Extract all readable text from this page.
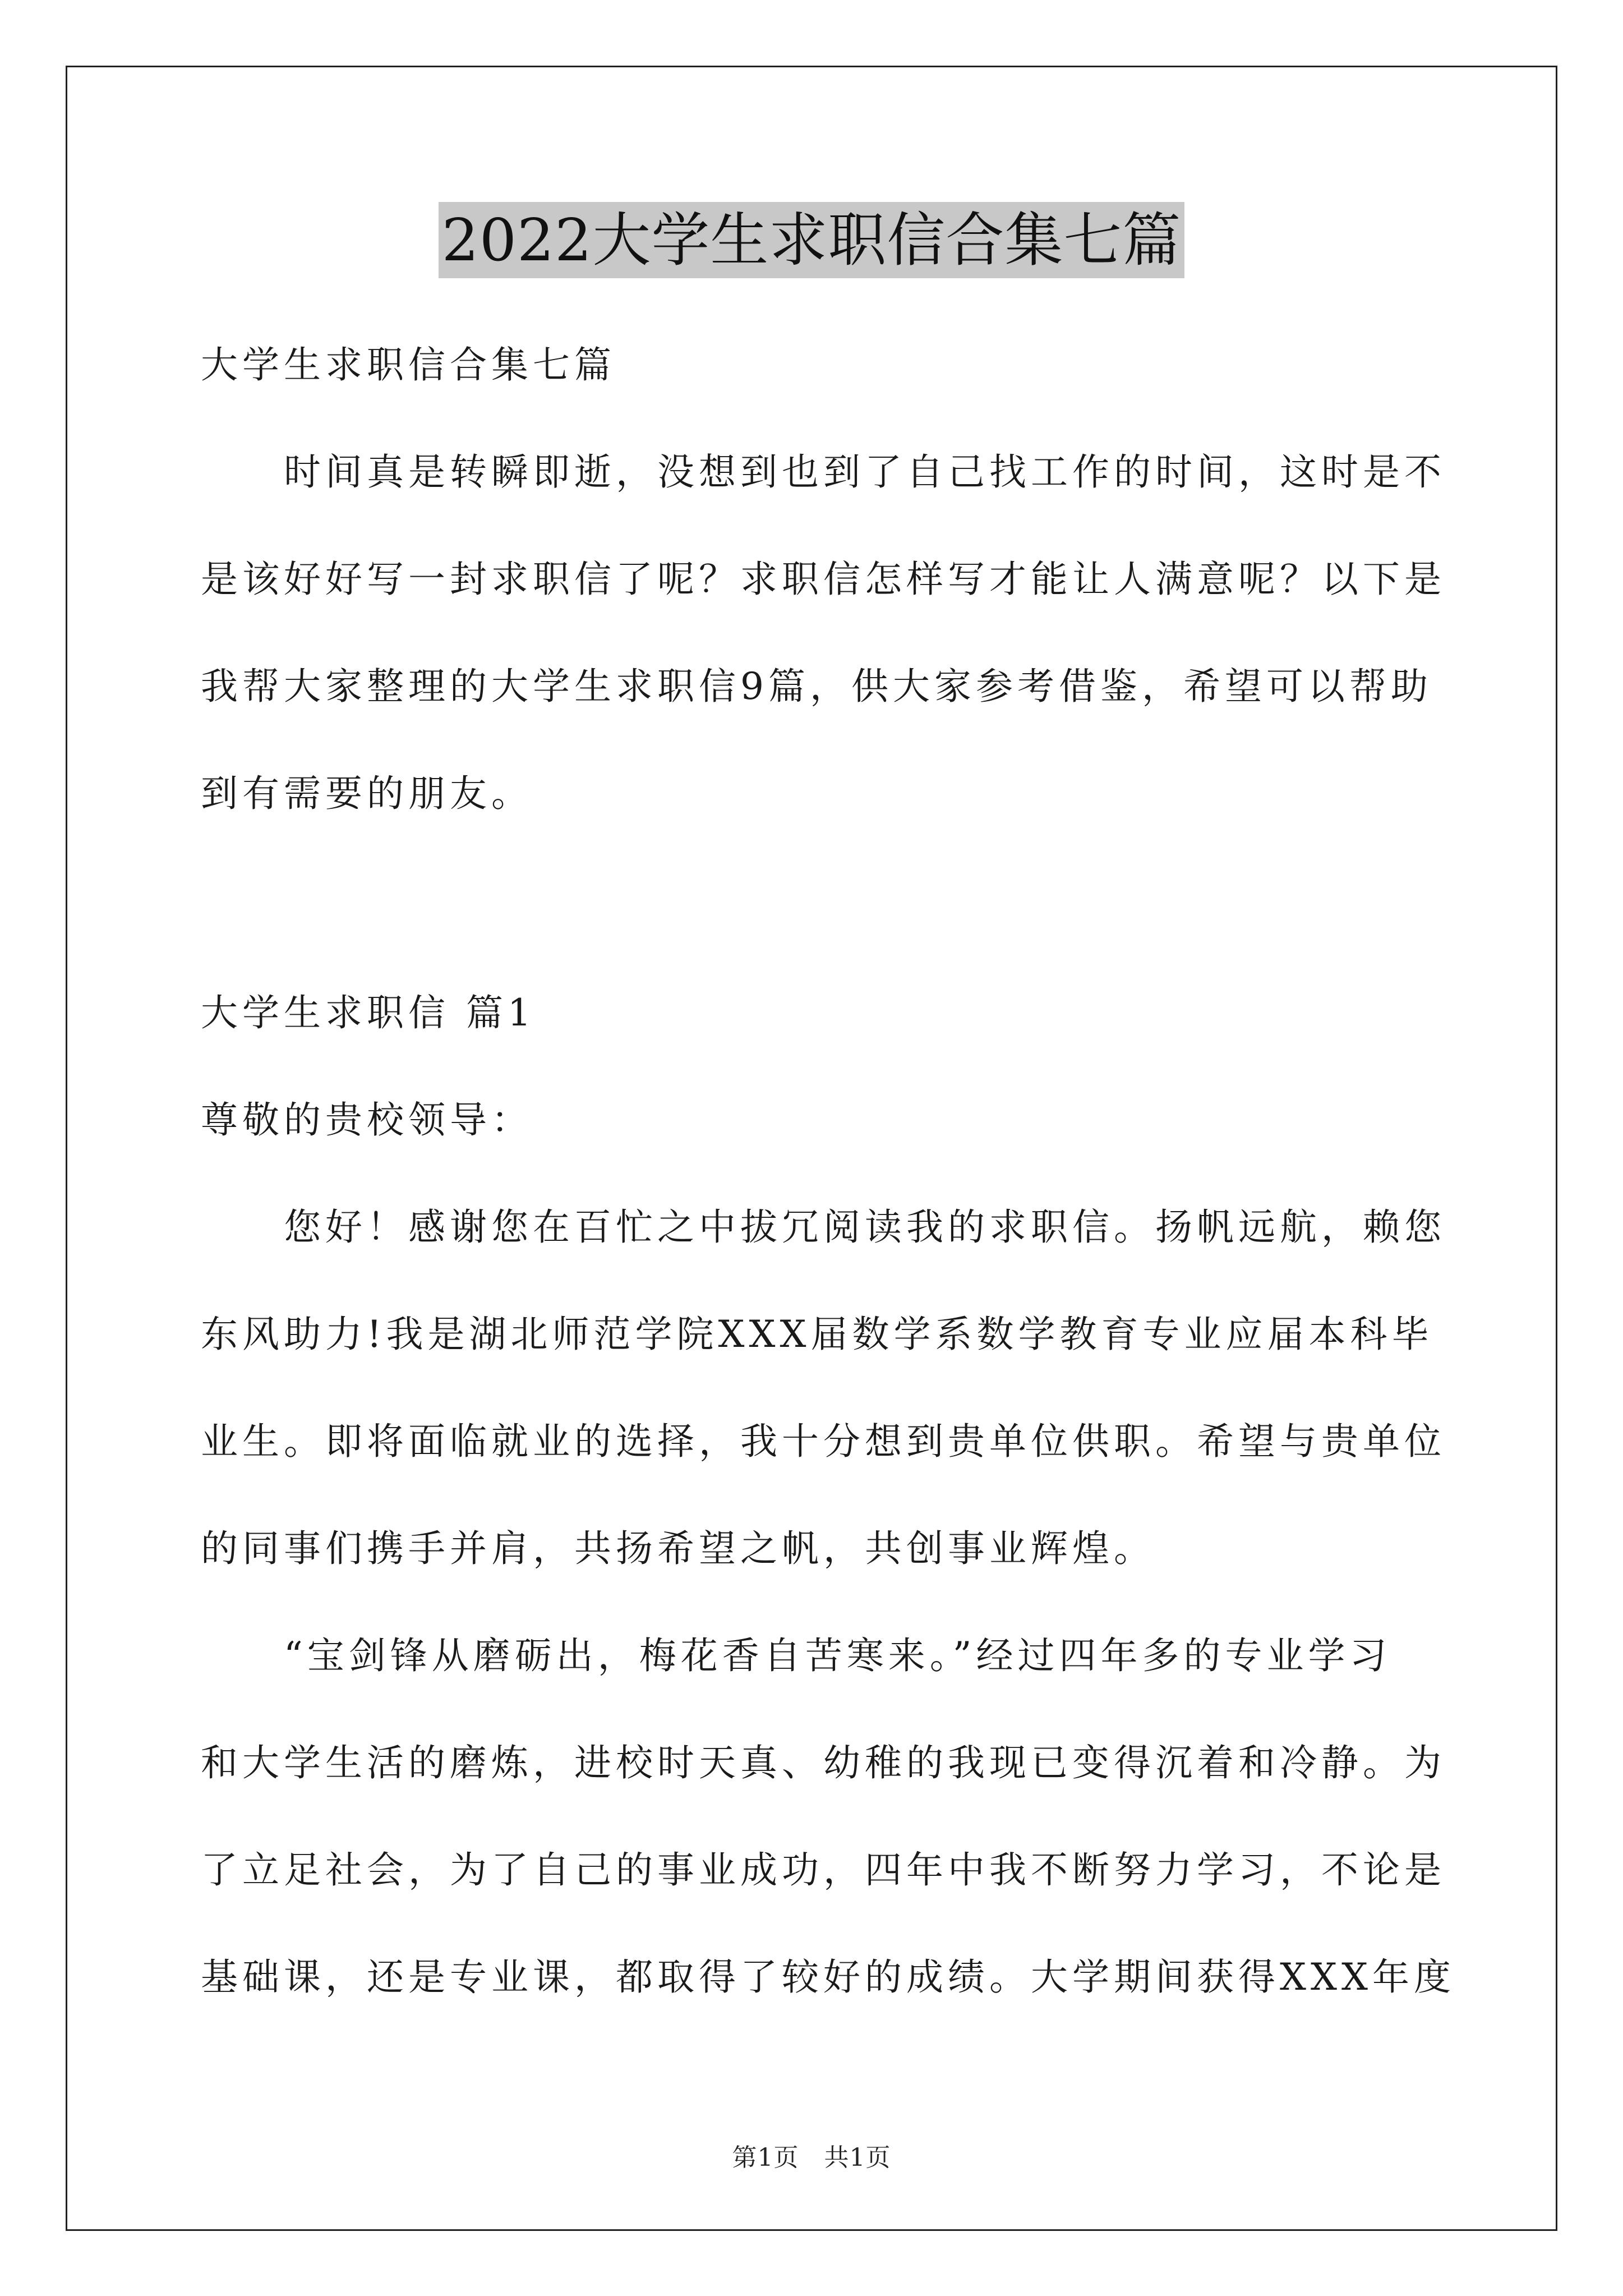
2022大学生求职信合集七篇
大学生求职信合集七篇
时间真是转瞬即逝，没想到也到了自己找工作的时间，这时是不
是该好好写一封求职信了呢？求职信怎样写才能让人满意呢？以下是
我帮大家整理的大学生求职信9篇，供大家参考借鉴，希望可以帮助
到有需要的朋友。
大学生求职信 篇1
尊敬的贵校领导：
您好！感谢您在百忙之中拔冗阅读我的求职信。扬帆远航，赖您
东风助力!我是湖北师范学院XXX届数学系数学教育专业应届本科毕
业生。即将面临就业的选择，我十分想到贵单位供职。希望与贵单位
的同事们携手并肩，共扬希望之帆，共创事业辉煌。
“宝剑锋从磨砺出，梅花香自苦寒来。”经过四年多的专业学习
和大学生活的磨炼，进校时天真、幼稚的我现已变得沉着和冷静。为
了立足社会，为了自己的事业成功，四年中我不断努力学习，不论是
基础课，还是专业课，都取得了较好的成绩。大学期间获得XXX年度
第1页　共1页
